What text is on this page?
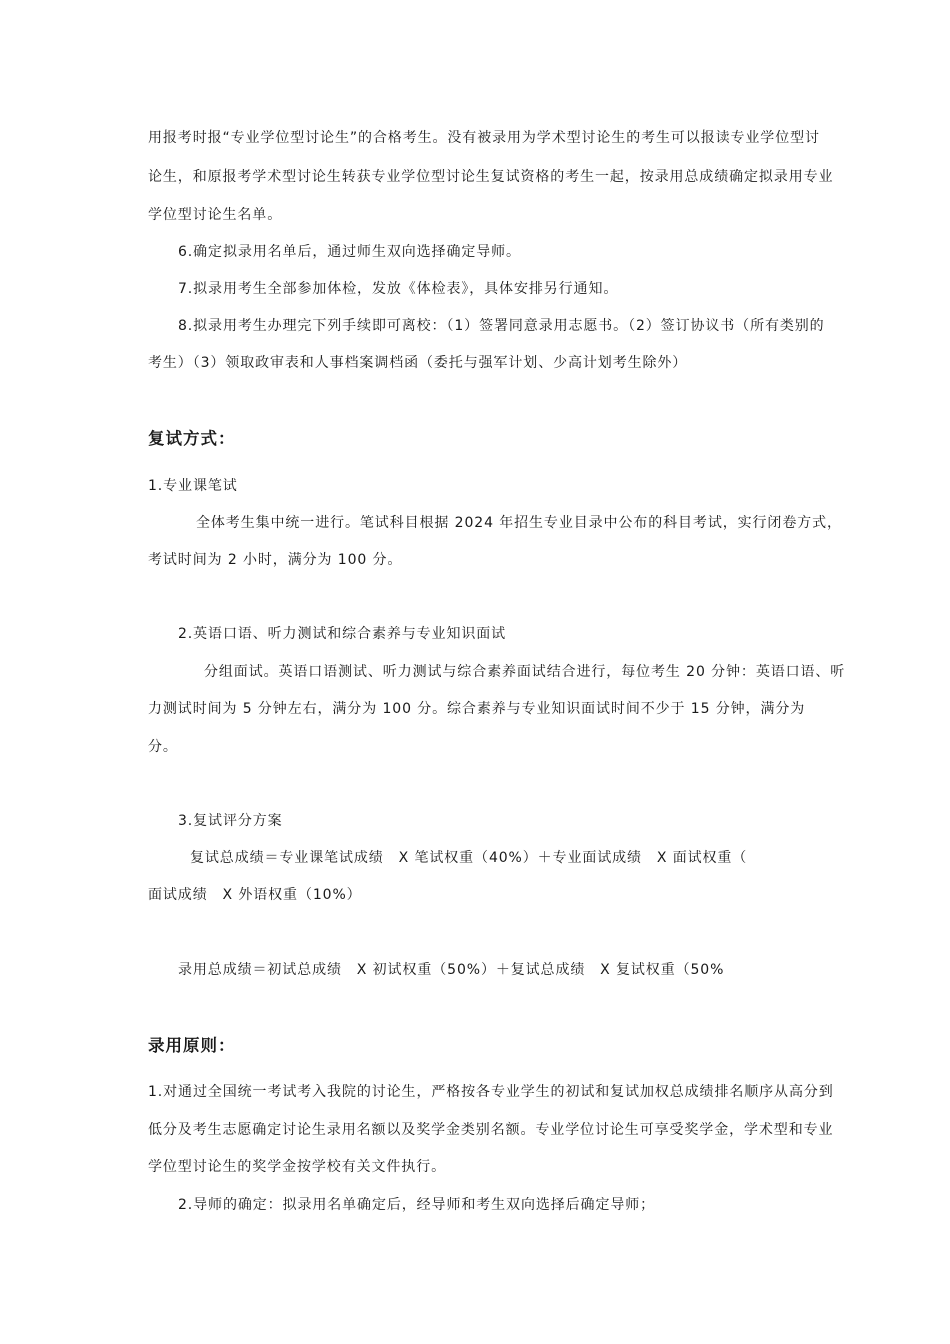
用报考时报“专业学位型讨论生”的合格考生。没有被录用为学术型讨论生的考生可以报读专业学位型讨
论生，和原报考学术型讨论生转获专业学位型讨论生复试资格的考生一起，按录用总成绩确定拟录用专业
学位型讨论生名单。
6.确定拟录用名单后，通过师生双向选择确定导师。
7.拟录用考生全部参加体检，发放《体检表》，具体安排另行通知。
8.拟录用考生办理完下列手续即可离校：（1）签署同意录用志愿书。（2）签订协议书（所有类别的
考生）（3）领取政审表和人事档案调档函（委托与强军计划、少高计划考生除外）
复试方式：
1.专业课笔试
全体考生集中统一进行。笔试科目根据 2024 年招生专业目录中公布的科目考试，实行闭卷方式，
考试时间为 2 小时，满分为 100 分。
2.英语口语、听力测试和综合素养与专业知识面试
分组面试。英语口语测试、听力测试与综合素养面试结合进行，每位考生 20 分钟：英语口语、听
力测试时间为 5 分钟左右，满分为 100 分。综合素养与专业知识面试时间不少于 15 分钟，满分为
分。
3.复试评分方案
复试总成绩＝专业课笔试成绩　X 笔试权重（40%）＋专业面试成绩　X 面试权重（
面试成绩　X 外语权重（10%）
录用总成绩＝初试总成绩　X 初试权重（50%）＋复试总成绩　X 复试权重（50%
录用原则：
1.对通过全国统一考试考入我院的讨论生，严格按各专业学生的初试和复试加权总成绩排名顺序从高分到
低分及考生志愿确定讨论生录用名额以及奖学金类别名额。专业学位讨论生可享受奖学金，学术型和专业
学位型讨论生的奖学金按学校有关文件执行。
2.导师的确定：拟录用名单确定后，经导师和考生双向选择后确定导师；
